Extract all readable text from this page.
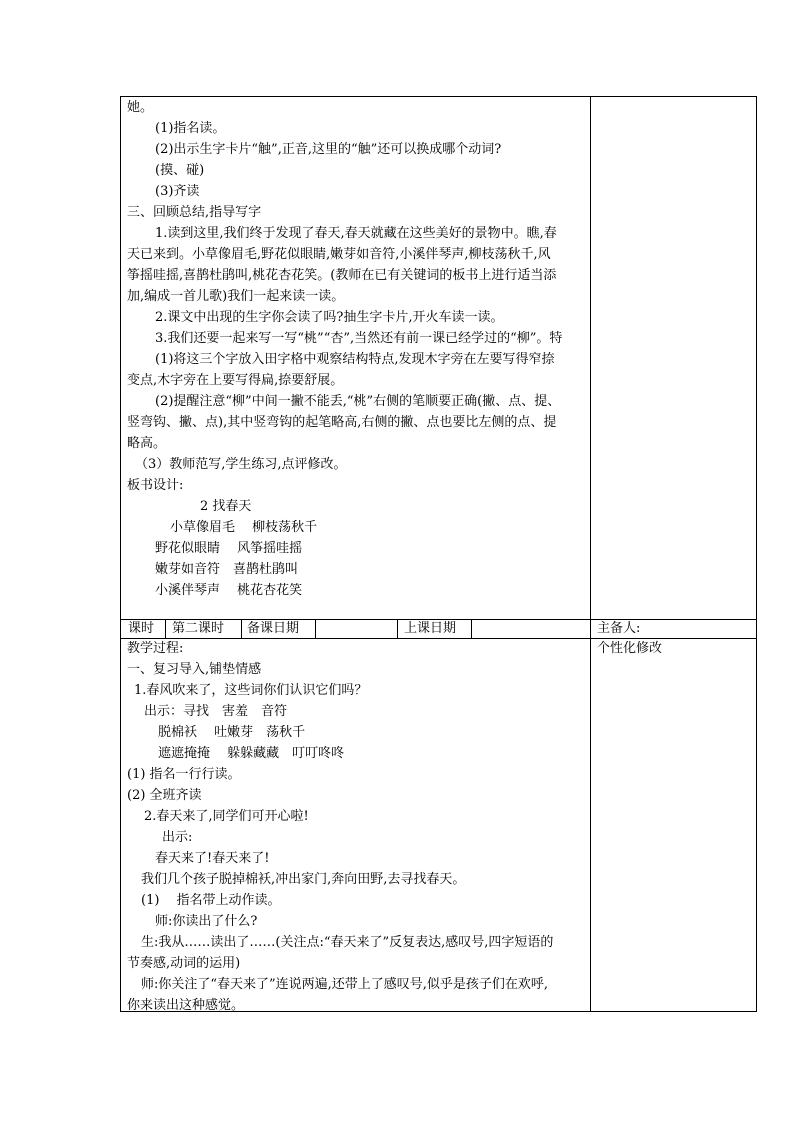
她。
(1)指名读。
(2)出示生字卡片“触”,正音,这里的“触”还可以换成哪个动词?
(摸、碰)
(3)齐读
三、回顾总结,指导写字
1.读到这里,我们终于发现了春天,春天就藏在这些美好的景物中。瞧,春
天已来到。小草像眉毛,野花似眼睛,嫩芽如音符,小溪伴琴声,柳枝荡秋千,风
筝摇哇摇,喜鹊杜鹃叫,桃花杏花笑。(教师在已有关键词的板书上进行适当添
加,编成一首儿歌)我们一起来读一读。
2.课文中出现的生字你会读了吗?抽生字卡片,开火车读一读。
3.我们还要一起来写一写“桃”“杏”,当然还有前一课已经学过的“柳”。特
(1)将这三个字放入田字格中观察结构特点,发现木字旁在左要写得窄捺
变点,木字旁在上要写得扁,捺要舒展。
(2)提醒注意“柳”中间一撇不能丢,“桃”右侧的笔顺要正确(撇、点、提、
竖弯钩、撇、点),其中竖弯钩的起笔略高,右侧的撇、点也要比左侧的点、提
略高。
（3）教师范写,学生练习,点评修改。
板书设计:
2 找春天
小草像眉毛　 柳枝荡秋千
野花似眼睛　 风筝摇哇摇
嫩芽如音符　喜鹊杜鹃叫
小溪伴琴声　 桃花杏花笑
课时 第二课时 备课日期	上课日期	主备人:
个性化修改
教学过程:
一、复习导入,铺垫情感
1.春风吹来了，这些词你们认识它们吗？
出示：寻找　害羞　音符
脱棉袄　 吐嫩芽　荡秋千
遮遮掩掩　 躲躲藏藏　叮叮咚咚
(1) 指名一行行读。
(2) 全班齐读
2.春天来了,同学们可开心啦!
出示:
春天来了!春天来了!
我们几个孩子脱掉棉袄,冲出家门,奔向田野,去寻找春天。
(1)　 指名带上动作读。
师:你读出了什么?
生:我从……读出了……(关注点:“春天来了”反复表达,感叹号,四字短语的
节奏感,动词的运用)
师:你关注了“春天来了”连说两遍,还带上了感叹号,似乎是孩子们在欢呼,
你来读出这种感觉。
